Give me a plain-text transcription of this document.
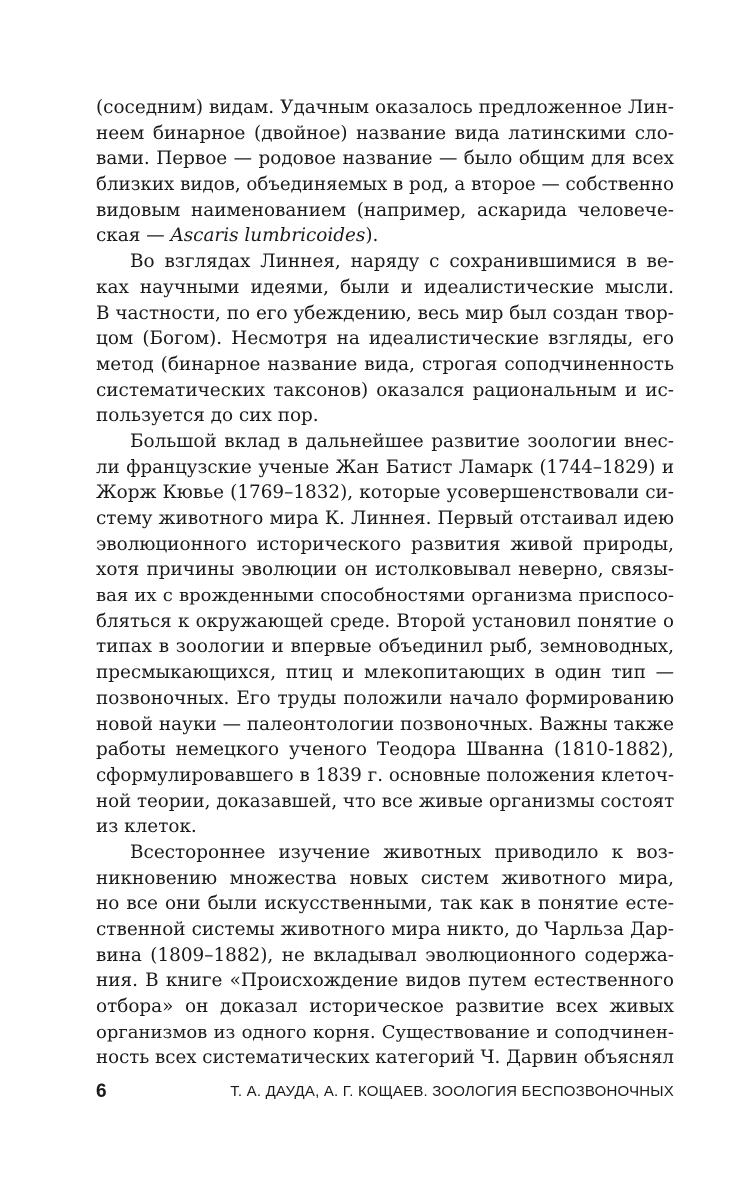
(соседним) видам. Удачным оказалось предложенное Лин-
неем бинарное (двойное) название вида латинскими сло-
вами. Первое — родовое название — было общим для всех
близких видов, объединяемых в род, а второе — собственно
видовым наименованием (например, аскарида человече-
ская — Ascaris lumbricoides).
Во взглядах Линнея, наряду с сохранившимися в ве-
ках научными идеями, были и идеалистические мысли.
В частности, по его убеждению, весь мир был создан твор-
цом (Богом). Несмотря на идеалистические взгляды, его
метод (бинарное название вида, строгая соподчиненность
систематических таксонов) оказался рациональным и ис-
пользуется до сих пор.
Большой вклад в дальнейшее развитие зоологии внес-
ли французские ученые Жан Батист Ламарк (1744–1829) и
Жорж Кювье (1769–1832), которые усовершенствовали си-
стему животного мира К. Линнея. Первый отстаивал идею
эволюционного исторического развития живой природы,
хотя причины эволюции он истолковывал неверно, связы-
вая их с врожденными способностями организма приспосо-
бляться к окружающей среде. Второй установил понятие о
типах в зоологии и впервые объединил рыб, земноводных,
пресмыкающихся, птиц и млекопитающих в один тип —
позвоночных. Его труды положили начало формированию
новой науки — палеонтологии позвоночных. Важны также
работы немецкого ученого Теодора Шванна (1810-1882),
сформулировавшего в 1839 г. основные положения клеточ-
ной теории, доказавшей, что все живые организмы состоят
из клеток.
Всестороннее изучение животных приводило к воз-
никновению множества новых систем животного мира,
но все они были искусственными, так как в понятие есте-
ственной системы животного мира никто, до Чарльза Дар-
вина (1809–1882), не вкладывал эволюционного содержа-
ния. В книге «Происхождение видов путем естественного
отбора» он доказал историческое развитие всех живых
организмов из одного корня. Существование и соподчинен-
ность всех систематических категорий Ч. Дарвин объяснял
6	Т. А. ДАУДА, А. Г. КОЩАЕВ. ЗООЛОГИЯ БЕСПОЗВОНОЧНЫХ
